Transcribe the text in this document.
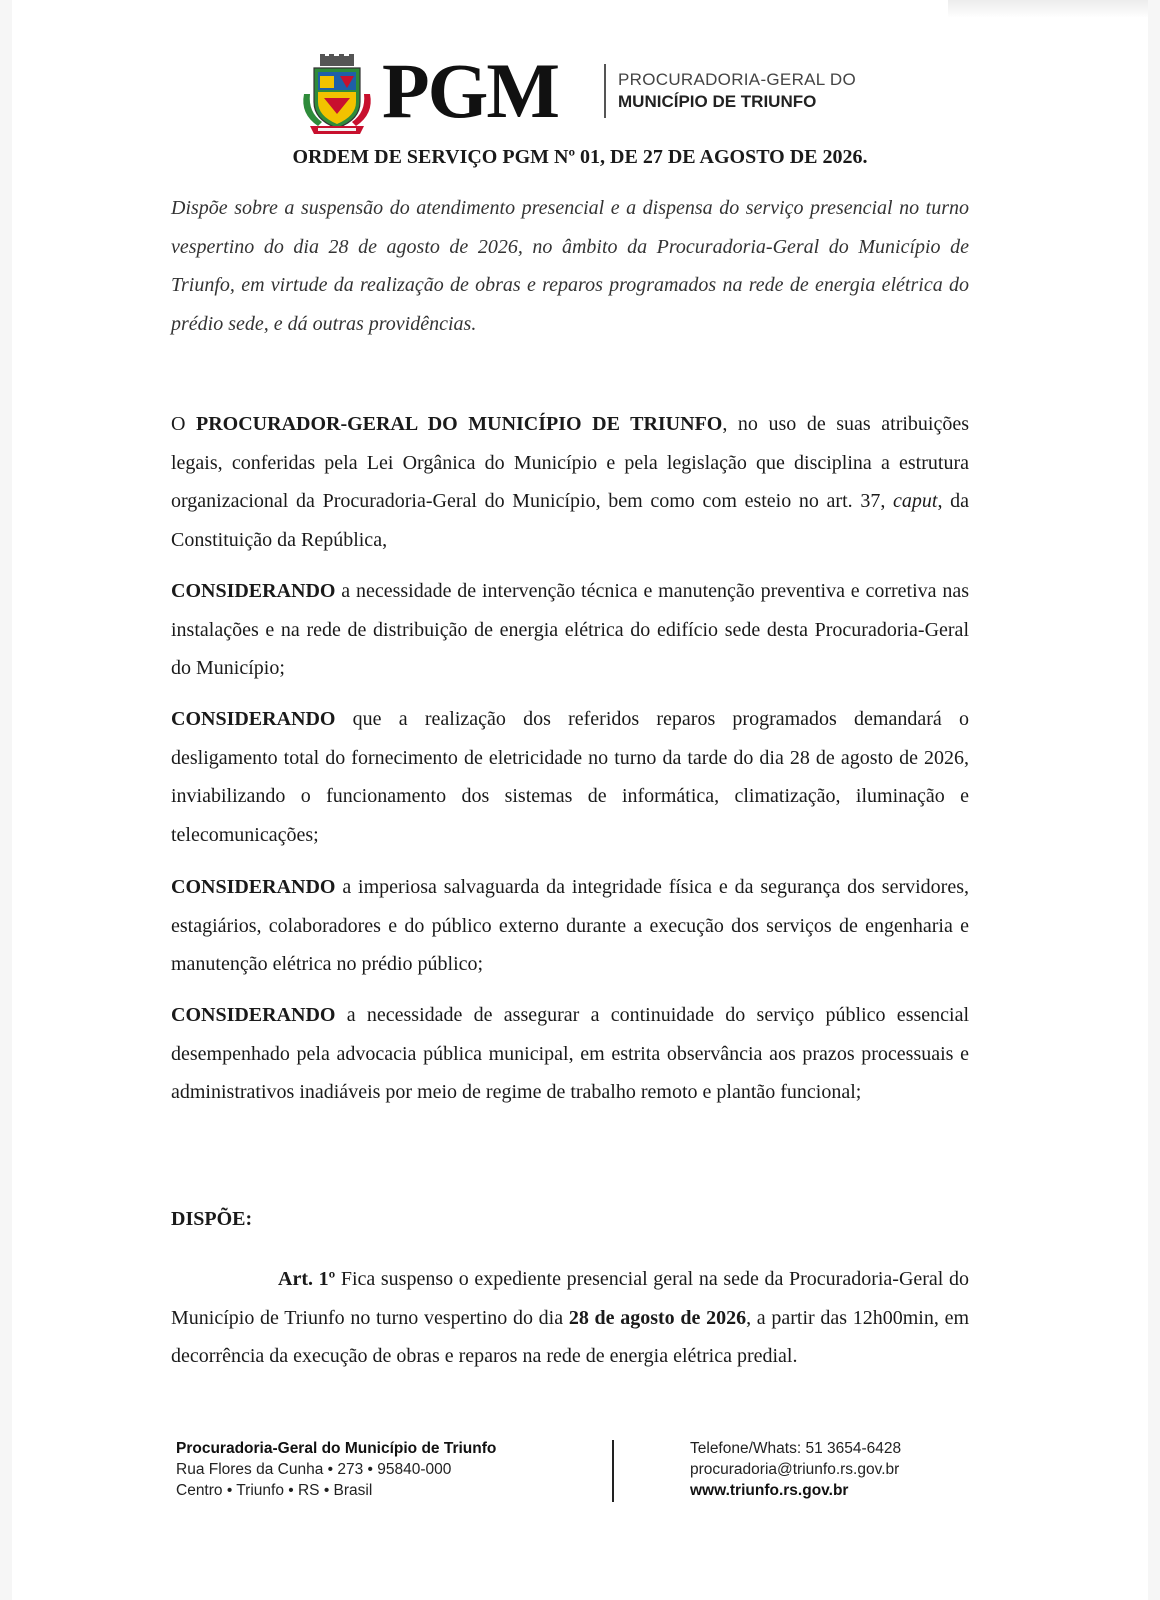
PGM	PROCURADORIA-GERAL DO
MUNICÍPIO DE TRIUNFO
ORDEM DE SERVIÇO PGM Nº 01, DE 27 DE AGOSTO DE 2026.
Dispõe sobre a suspensão do atendimento presencial e a dispensa do serviço presencial no turno vespertino do dia 28 de agosto de 2026, no âmbito da Procuradoria-Geral do Município de Triunfo, em virtude da realização de obras e reparos programados na rede de energia elétrica do prédio sede, e dá outras providências.
O PROCURADOR-GERAL DO MUNICÍPIO DE TRIUNFO, no uso de suas atribuições legais, conferidas pela Lei Orgânica do Município e pela legislação que disciplina a estrutura organizacional da Procuradoria-Geral do Município, bem como com esteio no art. 37, caput, da Constituição da República,
CONSIDERANDO a necessidade de intervenção técnica e manutenção preventiva e corretiva nas instalações e na rede de distribuição de energia elétrica do edifício sede desta Procuradoria-Geral do Município;
CONSIDERANDO que a realização dos referidos reparos programados demandará o desligamento total do fornecimento de eletricidade no turno da tarde do dia 28 de agosto de 2026, inviabilizando o funcionamento dos sistemas de informática, climatização, iluminação e telecomunicações;
CONSIDERANDO a imperiosa salvaguarda da integridade física e da segurança dos servidores, estagiários, colaboradores e do público externo durante a execução dos serviços de engenharia e manutenção elétrica no prédio público;
CONSIDERANDO a necessidade de assegurar a continuidade do serviço público essencial desempenhado pela advocacia pública municipal, em estrita observância aos prazos processuais e administrativos inadiáveis por meio de regime de trabalho remoto e plantão funcional;
DISPÕE:
Art. 1º Fica suspenso o expediente presencial geral na sede da Procuradoria-Geral do Município de Triunfo no turno vespertino do dia 28 de agosto de 2026, a partir das 12h00min, em decorrência da execução de obras e reparos na rede de energia elétrica predial.
Procuradoria-Geral do Município de Triunfo
Rua Flores da Cunha • 273 • 95840-000
Centro • Triunfo • RS • Brasil
Telefone/Whats: 51 3654-6428
procuradoria@triunfo.rs.gov.br
www.triunfo.rs.gov.br
